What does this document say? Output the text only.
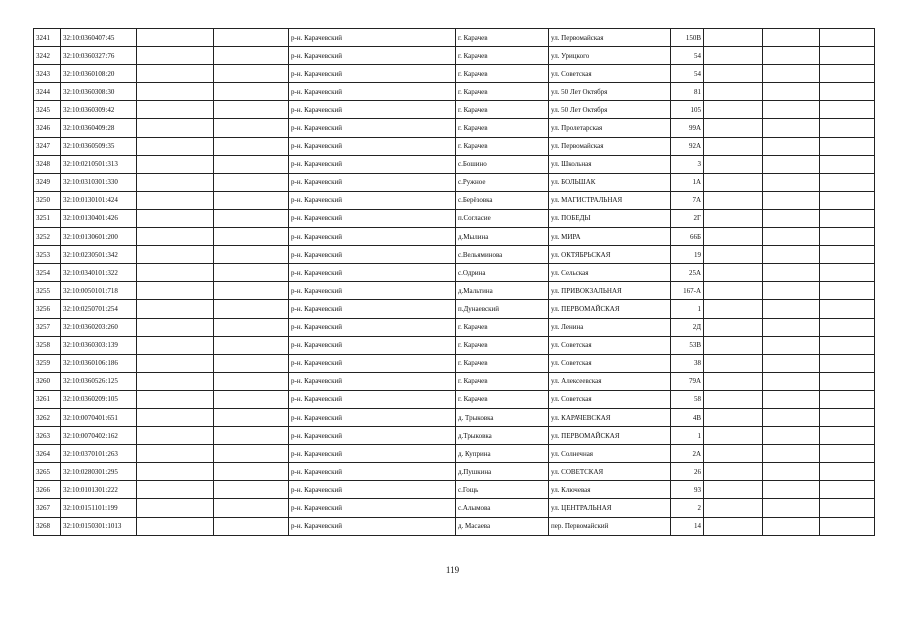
3241	32:10:0360407:45			р-н. Карачевский	г. Карачев	ул. Первомайская	150В			
3242	32:10:0360327:76			р-н. Карачевский	г. Карачев	ул. Урицкого	54			
3243	32:10:0360108:20			р-н. Карачевский	г. Карачев	ул. Советская	54			
3244	32:10:0360308:30			р-н. Карачевский	г. Карачев	ул. 50 Лет Октября	81			
3245	32:10:0360309:42			р-н. Карачевский	г. Карачев	ул. 50 Лет Октября	105			
3246	32:10:0360409:28			р-н. Карачевский	г. Карачев	ул. Пролетарская	99А			
3247	32:10:0360509:35			р-н. Карачевский	г. Карачев	ул. Первомайская	92А			
3248	32:10:0210501:313			р-н. Карачевский	с.Бошино	ул. Школьная	3			
3249	32:10:0310301:330			р-н. Карачевский	с.Ружное	ул. БОЛЬШАК	1А			
3250	32:10:0130101:424			р-н. Карачевский	с.Берёзовка	ул. МАГИСТРАЛЬНАЯ	7А			
3251	32:10:0130401:426			р-н. Карачевский	п.Согласие	ул. ПОБЕДЫ	2Г			
3252	32:10:0130601:200			р-н. Карачевский	д.Мылина	ул. МИРА	66Б			
3253	32:10:0230501:342			р-н. Карачевский	с.Вельяминова	ул. ОКТЯБРЬСКАЯ	19			
3254	32:10:0340101:322			р-н. Карачевский	с.Одрина	ул. Сельская	25А			
3255	32:10:0050101:718			р-н. Карачевский	д.Мальтина	ул. ПРИВОКЗАЛЬНАЯ	167-А			
3256	32:10:0250701:254			р-н. Карачевский	п.Дунаевский	ул. ПЕРВОМАЙСКАЯ	1			
3257	32:10:0360203:260			р-н. Карачевский	г. Карачев	ул. Ленина	2Д			
3258	32:10:0360303:139			р-н. Карачевский	г. Карачев	ул. Советская	53В			
3259	32:10:0360106:186			р-н. Карачевский	г. Карачев	ул. Советская	38			
3260	32:10:0360526:125			р-н. Карачевский	г. Карачев	ул. Алексеевская	79А			
3261	32:10:0360209:105			р-н. Карачевский	г. Карачев	ул. Советская	58			
3262	32:10:0070401:651			р-н. Карачевский	д. Трыковка	ул. КАРАЧЕВСКАЯ	4В			
3263	32:10:0070402:162			р-н. Карачевский	д.Трыковка	ул. ПЕРВОМАЙСКАЯ	1			
3264	32:10:0370101:263			р-н. Карачевский	д. Куприна	ул. Солнечная	2А			
3265	32:10:0280301:295			р-н. Карачевский	д.Пушкина	ул. СОВЕТСКАЯ	26			
3266	32:10:0101301:222			р-н. Карачевский	с.Гощь	ул. Ключевая	93			
3267	32:10:0151101:199			р-н. Карачевский	с.Алымова	ул. ЦЕНТРАЛЬНАЯ	2			
3268	32:10:0150301:1013			р-н. Карачевский	д. Масаева	пер. Первомайский	14			
119
